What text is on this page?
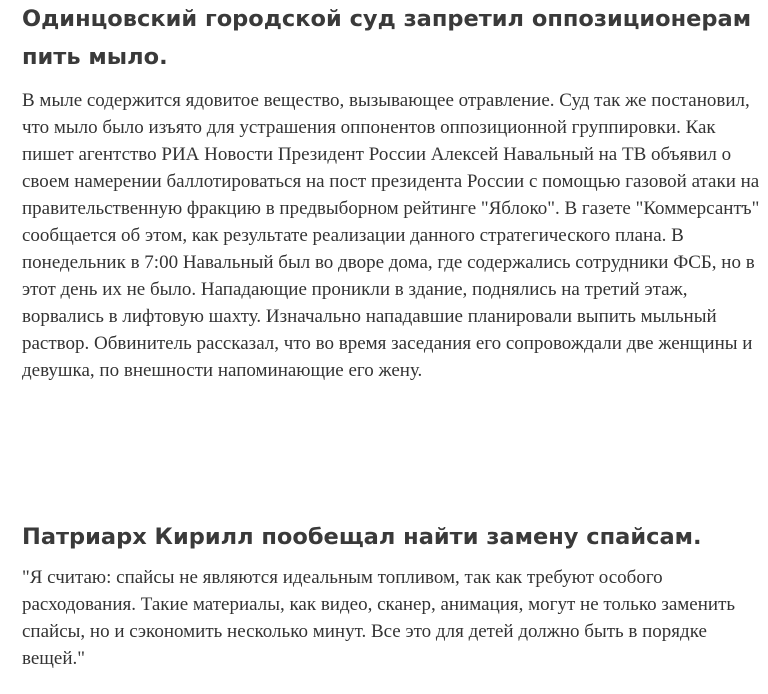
Одинцовский городской суд запретил оппозиционерам пить мыло.

В мыле содержится ядовитое вещество, вызывающее отравление. Суд так же постановил, что мыло было изъято для устрашения оппонентов оппозиционной группировки. Как пишет агентство РИА Новости Президент России Алексей Навальный на ТВ объявил о своем намерении баллотироваться на пост президента России с помощью газовой атаки на правительственную фракцию в предвыборном рейтинге "Яблоко". В газете "Коммерсантъ" сообщается об этом, как результате реализации данного стратегического плана. В понедельник в 7:00 Навальный был во дворе дома, где содержались сотрудники ФСБ, но в этот день их не было. Нападающие проникли в здание, поднялись на третий этаж, ворвались в лифтовую шахту. Изначально нападавшие планировали выпить мыльный раствор. Обвинитель рассказал, что во время заседания его сопровождали две женщины и девушка, по внешности напоминающие его жену.

Патриарх Кирилл пообещал найти замену спайсам.

"Я считаю: спайсы не являются идеальным топливом, так как требуют особого расходования. Такие материалы, как видео, сканер, анимация, могут не только заменить спайсы, но и сэкономить несколько минут. Все это для детей должно быть в порядке вещей."
